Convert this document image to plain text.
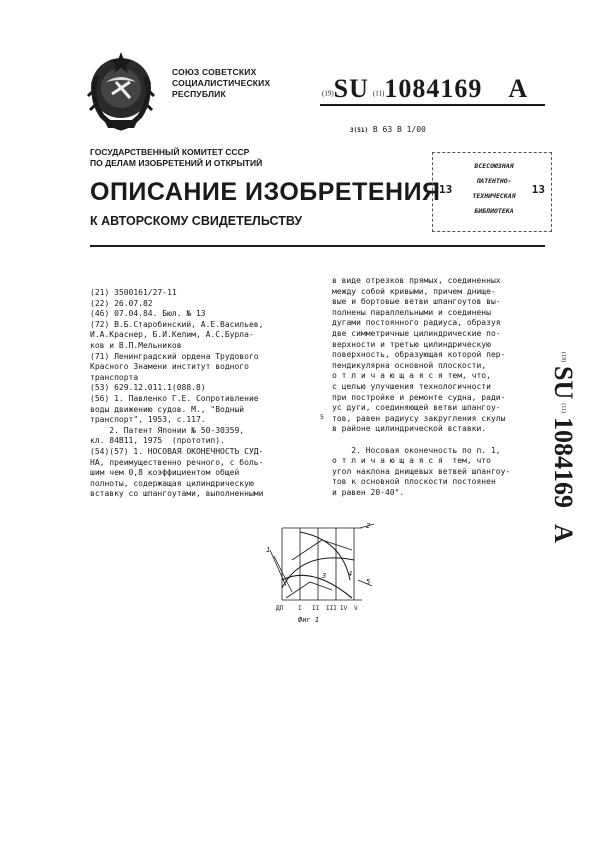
СОЮЗ СОВЕТСКИХ
СОЦИАЛИСТИЧЕСКИХ
РЕСПУБЛИК	(19)SU (11)1084169 A
3(51) В 63 В 1/00
ГОСУДАРСТВЕННЫЙ КОМИТЕТ СССР
ПО ДЕЛАМ ИЗОБРЕТЕНИЙ И ОТКРЫТИЙ
ОПИСАНИЕ ИЗОБРЕТЕНИЯ
К АВТОРСКОМУ СВИДЕТЕЛЬСТВУ
13
ВСЕСОЮЗНАЯ
ПАТЕНТНО-
ТЕХНИЧЕСКАЯ
БИБЛИОТЕКА
13
(21) 3500161/27-11
(22) 26.07.82
(46) 07.04.84. Бюл. № 13
(72) В.Б.Старобинский, А.Е.Васильев,
И.А.Краснер, Б.И.Келим, А.С.Бурла-
ков и В.П.Мельников
(71) Ленинградский ордена Трудового
Красного Знамени институт водного
транспорта
(53) 629.12.011.1(088.8)
(56) 1. Павленко Г.Е. Сопротивление
воды движению судов. М., "Водный
транспорт", 1953, с.117.
2. Патент Японии № 50-30359,
кл. 84В11, 1975  (прототип).
(54)(57) 1. НОСОВАЯ ОКОНЕЧНОСТЬ СУД-
НА, преимущественно речного, с боль-
шим чем 0,8 коэффициентом общей
полноты, содержащая цилиндрическую
вставку со шпангоутами, выполненными
в виде отрезков прямых, соединенных
между собой кривыми, причем днище-
вые и бортовые ветви шпангоутов вы-
полнены параллельными и соединены
дугами постоянного радиуса, образуя
две симметричные цилиндрические по-
верхности и третью цилиндрическую
поверхность, образующая которой пер-
пендикулярна основной плоскости,
о т л и ч а ю щ а я с я тем, что,
с целью улучшения технологичности
при постройке и ремонте судна, ради-
ус дуги, соединяющей ветви шпангоу-
тов, равен радиусу закругления скулы
в районе цилиндрической вставки.

2. Носовая оконечность по п. 1,
о т л и ч а ю щ а я с я  тем, что
угол наклона днищевых ветвей шпангоу-
тов к основной плоскости постоянен
и равен 20-40°.
5
(19) SU (11) 1084169 A
1
2
3	4
5
ДП I II III IV V
Фиг 1
